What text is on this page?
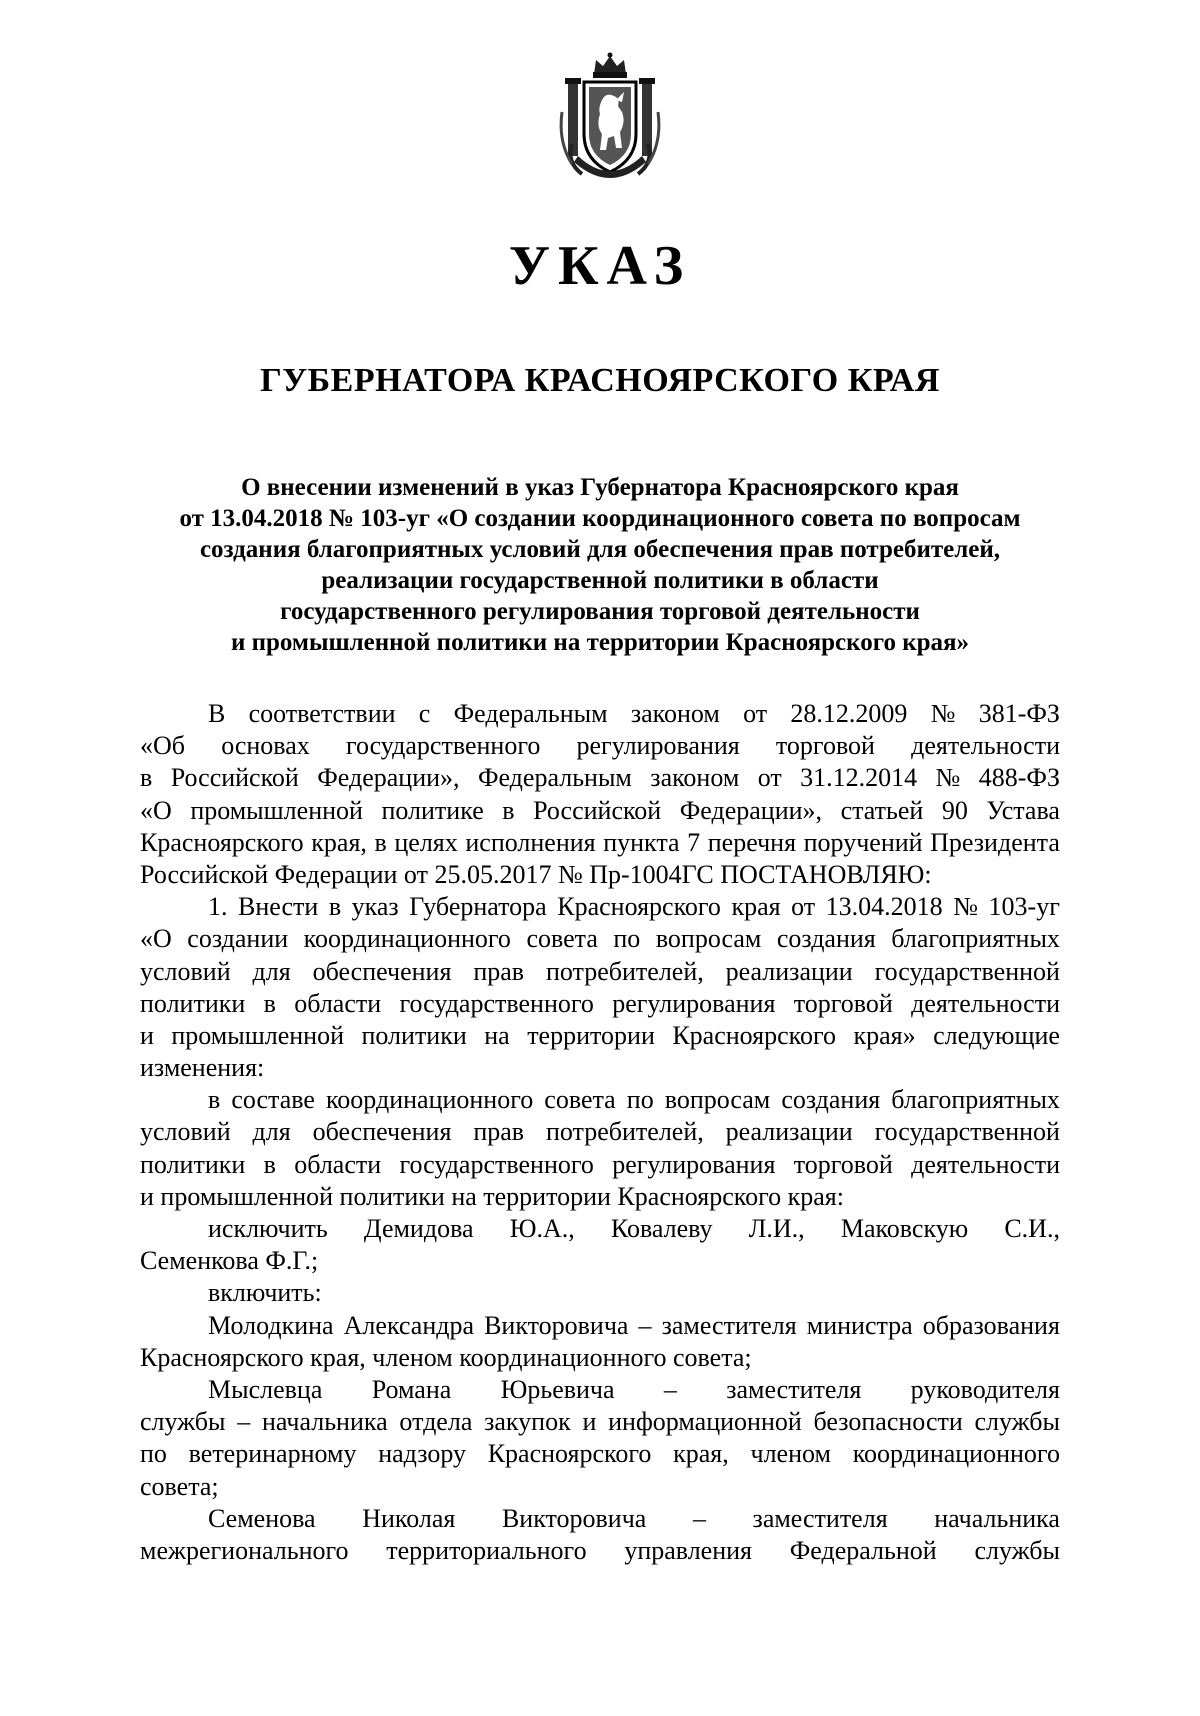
УКАЗ
ГУБЕРНАТОРА КРАСНОЯРСКОГО КРАЯ
О внесении изменений в указ Губернатора Красноярского края
от 13.04.2018 № 103-уг «О создании координационного совета по вопросам
создания благоприятных условий для обеспечения прав потребителей,
реализации государственной политики в области
государственного регулирования торговой деятельности
и промышленной политики на территории Красноярского края»
В соответствии с Федеральным законом от 28.12.2009 № 381-ФЗ
«Об основах государственного регулирования торговой деятельности
в Российской Федерации», Федеральным законом от 31.12.2014 № 488-ФЗ
«О промышленной политике в Российской Федерации», статьей 90 Устава
Красноярского края, в целях исполнения пункта 7 перечня поручений Президента
Российской Федерации от 25.05.2017 № Пр-1004ГС ПОСТАНОВЛЯЮ:
1. Внести в указ Губернатора Красноярского края от 13.04.2018 № 103-уг
«О создании координационного совета по вопросам создания благоприятных
условий для обеспечения прав потребителей, реализации государственной
политики в области государственного регулирования торговой деятельности
и промышленной политики на территории Красноярского края» следующие
изменения:
в составе координационного совета по вопросам создания благоприятных
условий для обеспечения прав потребителей, реализации государственной
политики в области государственного регулирования торговой деятельности
и промышленной политики на территории Красноярского края:
исключить Демидова Ю.А., Ковалеву Л.И., Маковскую С.И.,
Семенкова Ф.Г.;
включить:
Молодкина Александра Викторовича – заместителя министра образования
Красноярского края, членом координационного совета;
Мыслевца Романа Юрьевича – заместителя руководителя
службы – начальника отдела закупок и информационной безопасности службы
по ветеринарному надзору Красноярского края, членом координационного
совета;
Семенова Николая Викторовича – заместителя начальника
межрегионального территориального управления Федеральной службы
